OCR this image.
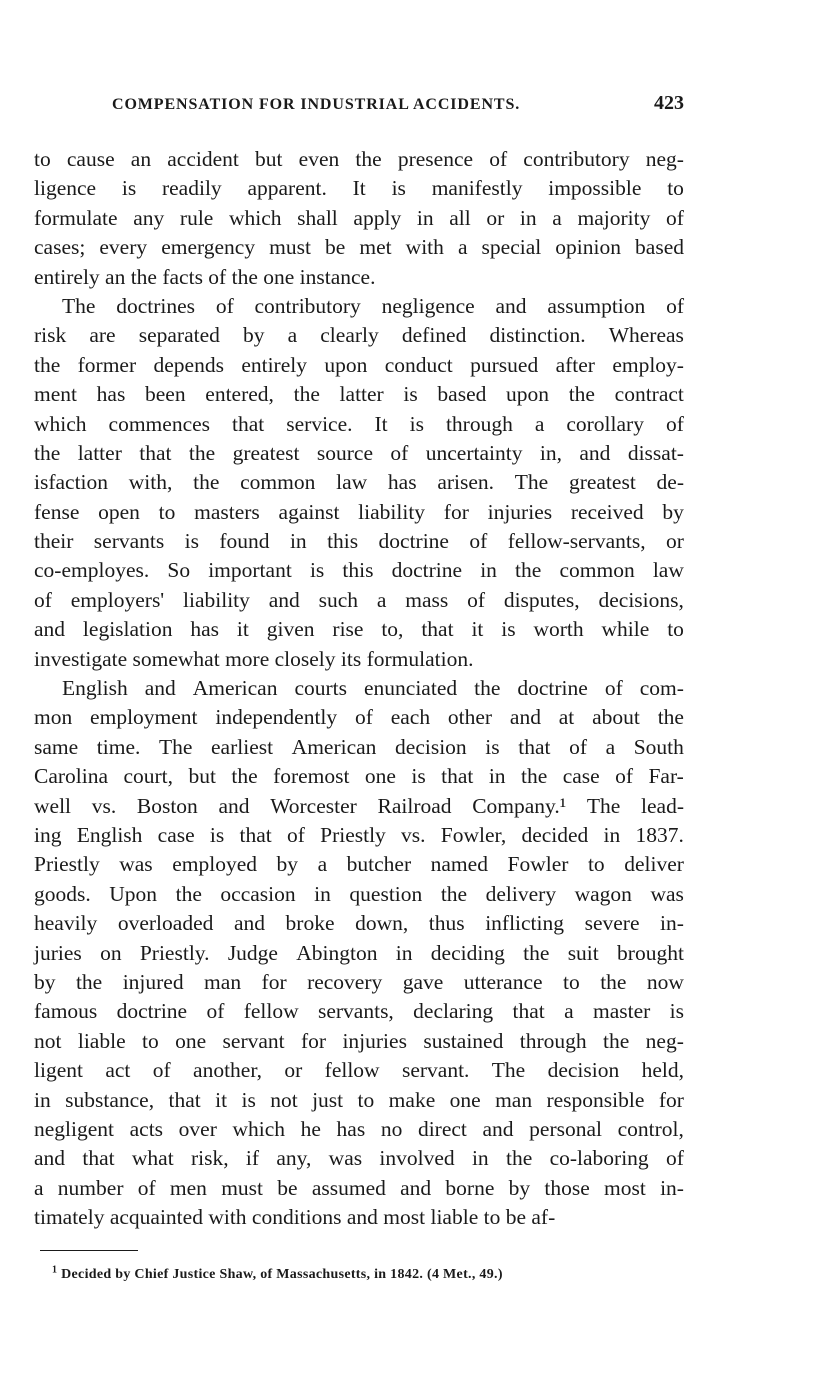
COMPENSATION FOR INDUSTRIAL ACCIDENTS.	423
to cause an accident but even the presence of contributory neg-
ligence is readily apparent. It is manifestly impossible to
formulate any rule which shall apply in all or in a majority of
cases; every emergency must be met with a special opinion based
entirely an the facts of the one instance.
The doctrines of contributory negligence and assumption of
risk are separated by a clearly defined distinction. Whereas
the former depends entirely upon conduct pursued after employ-
ment has been entered, the latter is based upon the contract
which commences that service. It is through a corollary of
the latter that the greatest source of uncertainty in, and dissat-
isfaction with, the common law has arisen. The greatest de-
fense open to masters against liability for injuries received by
their servants is found in this doctrine of fellow-servants, or
co-employes. So important is this doctrine in the common law
of employers' liability and such a mass of disputes, decisions,
and legislation has it given rise to, that it is worth while to
investigate somewhat more closely its formulation.
English and American courts enunciated the doctrine of com-
mon employment independently of each other and at about the
same time. The earliest American decision is that of a South
Carolina court, but the foremost one is that in the case of Far-
well vs. Boston and Worcester Railroad Company.¹ The lead-
ing English case is that of Priestly vs. Fowler, decided in 1837.
Priestly was employed by a butcher named Fowler to deliver
goods. Upon the occasion in question the delivery wagon was
heavily overloaded and broke down, thus inflicting severe in-
juries on Priestly. Judge Abington in deciding the suit brought
by the injured man for recovery gave utterance to the now
famous doctrine of fellow servants, declaring that a master is
not liable to one servant for injuries sustained through the neg-
ligent act of another, or fellow servant. The decision held,
in substance, that it is not just to make one man responsible for
negligent acts over which he has no direct and personal control,
and that what risk, if any, was involved in the co-laboring of
a number of men must be assumed and borne by those most in-
timately acquainted with conditions and most liable to be af-
$^1$ Decided by Chief Justice Shaw, of Massachusetts, in 1842. (4 Met., 49.)
